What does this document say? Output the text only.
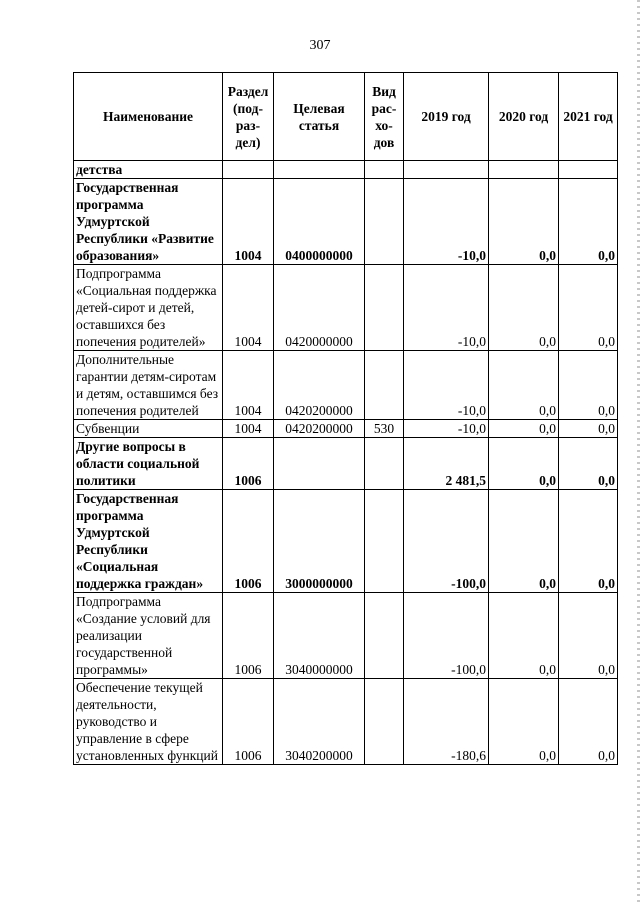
307
Наименование	Раздел (под-раз-дел)	Целевая статья	Вид рас-хо-дов	2019 год	2020 год	2021 год
детства						
Государственная программа Удмуртской Республики «Развитие образования»	1004	0400000000		-10,0	0,0	0,0
Подпрограмма «Социальная поддержка детей-сирот и детей, оставшихся без попечения родителей»	1004	0420000000		-10,0	0,0	0,0
Дополнительные гарантии детям-сиротам и детям, оставшимся без попечения родителей	1004	0420200000		-10,0	0,0	0,0
Субвенции	1004	0420200000	530	-10,0	0,0	0,0
Другие вопросы в области социальной политики	1006			2 481,5	0,0	0,0
Государственная программа Удмуртской Республики «Социальная поддержка граждан»	1006	3000000000		-100,0	0,0	0,0
Подпрограмма «Создание условий для реализации государственной программы»	1006	3040000000		-100,0	0,0	0,0
Обеспечение текущей деятельности, руководство и управление в сфере установленных функций	1006	3040200000		-180,6	0,0	0,0
